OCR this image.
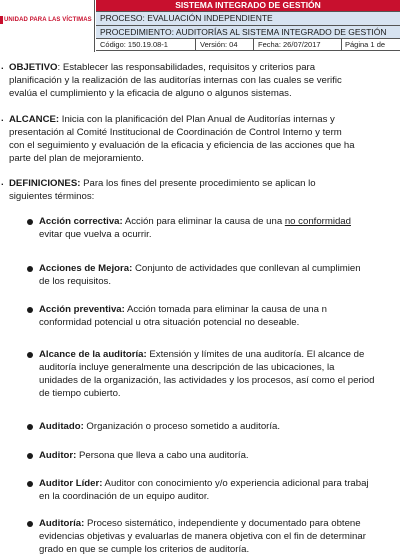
UNIDAD PARA LAS VÍCTIMAS
SISTEMA INTEGRADO DE GESTIÓN
PROCESO: EVALUACIÓN INDEPENDIENTE
PROCEDIMIENTO: AUDITORÍAS AL SISTEMA INTEGRADO DE GESTIÓN
Código: 150.19.08-1	Versión: 04	Fecha: 26/07/2017	Página 1 de
. OBJETIVO: Establecer las responsabilidades, requisitos y criterios para
planificación y la realización de las auditorías internas con las cuales se verific
evalúa el cumplimiento y la eficacia de alguno o algunos sistemas.
. ALCANCE: Inicia con la planificación del Plan Anual de Auditorías internas y
presentación al Comité Institucional de Coordinación de Control Interno y term
con el seguimiento y evaluación de la eficacia y eficiencia de las acciones que ha
parte del plan de mejoramiento.
. DEFINICIONES: Para los fines del presente procedimiento se aplican lo
siguientes términos:
Acción correctiva: Acción para eliminar la causa de una no conformidad
evitar que vuelva a ocurrir.
Acciones de Mejora: Conjunto de actividades que conllevan al cumplimien
de los requisitos.
Acción preventiva: Acción tomada para eliminar la causa de una n
conformidad potencial u otra situación potencial no deseable.
Alcance de la auditoría: Extensión y límites de una auditoría. El alcance de
auditoría incluye generalmente una descripción de las ubicaciones, la
unidades de la organización, las actividades y los procesos, así como el period
de tiempo cubierto.
Auditado: Organización o proceso sometido a auditoría.
Auditor: Persona que lleva a cabo una auditoría.
Auditor Líder: Auditor con conocimiento y/o experiencia adicional para trabaj
en la coordinación de un equipo auditor.
Auditoría: Proceso sistemático, independiente y documentado para obtene
evidencias objetivas y evaluarlas de manera objetiva con el fin de determinar
grado en que se cumple los criterios de auditoría.
